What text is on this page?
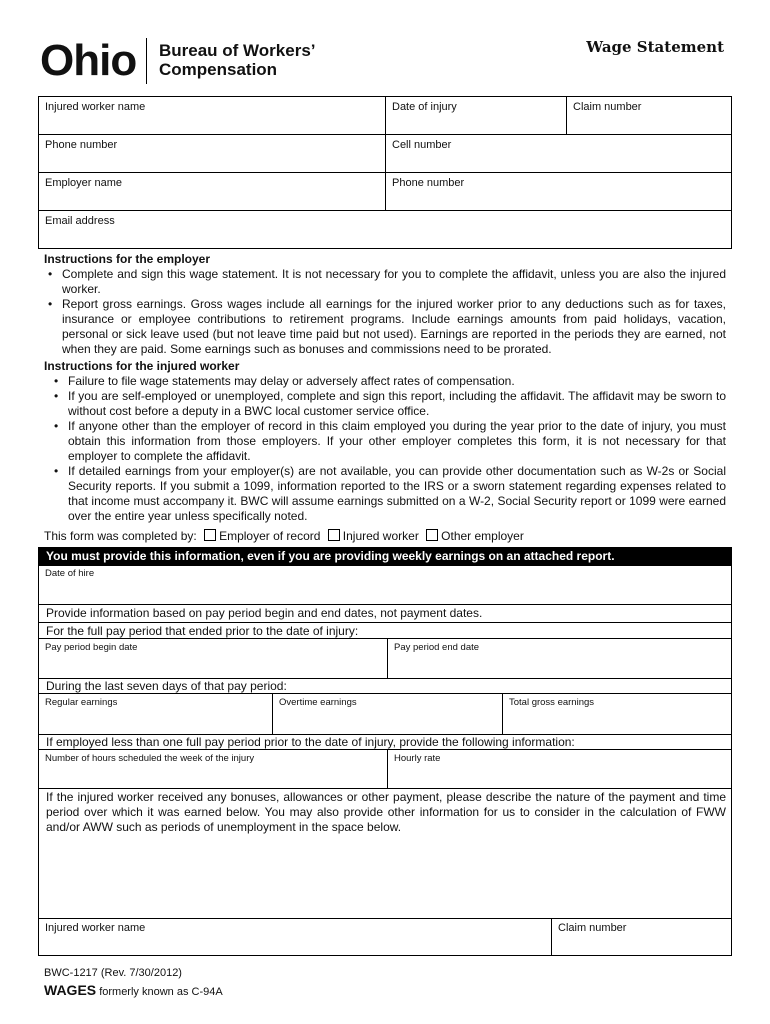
Ohio Bureau of Workers’
Compensation
Wage Statement
Injured worker name	Date of injury	Claim number
Phone number	Cell number
Employer name	Phone number
Email address
Instructions for the employer
• Complete and sign this wage statement. It is not necessary for you to complete the affidavit, unless you are also the injured worker.
• Report gross earnings. Gross wages include all earnings for the injured worker prior to any deductions such as for taxes, insurance or employee contributions to retirement programs. Include earnings amounts from paid holidays, vacation, personal or sick leave used (but not leave time paid but not used). Earnings are reported in the periods they are earned, not when they are paid. Some earnings such as bonuses and commissions need to be prorated.
Instructions for the injured worker
• Failure to file wage statements may delay or adversely affect rates of compensation.
• If you are self-employed or unemployed, complete and sign this report, including the affidavit. The affidavit may be sworn to without cost before a deputy in a BWC local customer service office.
• If anyone other than the employer of record in this claim employed you during the year prior to the date of injury, you must obtain this information from those employers. If your other employer completes this form, it is not necessary for that employer to complete the affidavit.
• If detailed earnings from your employer(s) are not available, you can provide other documentation such as W-2s or Social Security reports. If you submit a 1099, information reported to the IRS or a sworn statement regarding expenses related to that income must accompany it. BWC will assume earnings submitted on a W-2, Social Security report or 1099 were earned over the entire year unless specifically noted.
This form was completed by: Employer of record Injured worker Other employer
You must provide this information, even if you are providing weekly earnings on an attached report.
Date of hire
Provide information based on pay period begin and end dates, not payment dates.
For the full pay period that ended prior to the date of injury:
Pay period begin date	Pay period end date
During the last seven days of that pay period:
Regular earnings	Overtime earnings	Total gross earnings
If employed less than one full pay period prior to the date of injury, provide the following information:
Number of hours scheduled the week of the injury	Hourly rate
If the injured worker received any bonuses, allowances or other payment, please describe the nature of the payment and time period over which it was earned below. You may also provide other information for us to consider in the calculation of FWW and/or AWW such as periods of unemployment in the space below.
Injured worker name	Claim number
BWC-1217 (Rev. 7/30/2012)
WAGES formerly known as C-94A
